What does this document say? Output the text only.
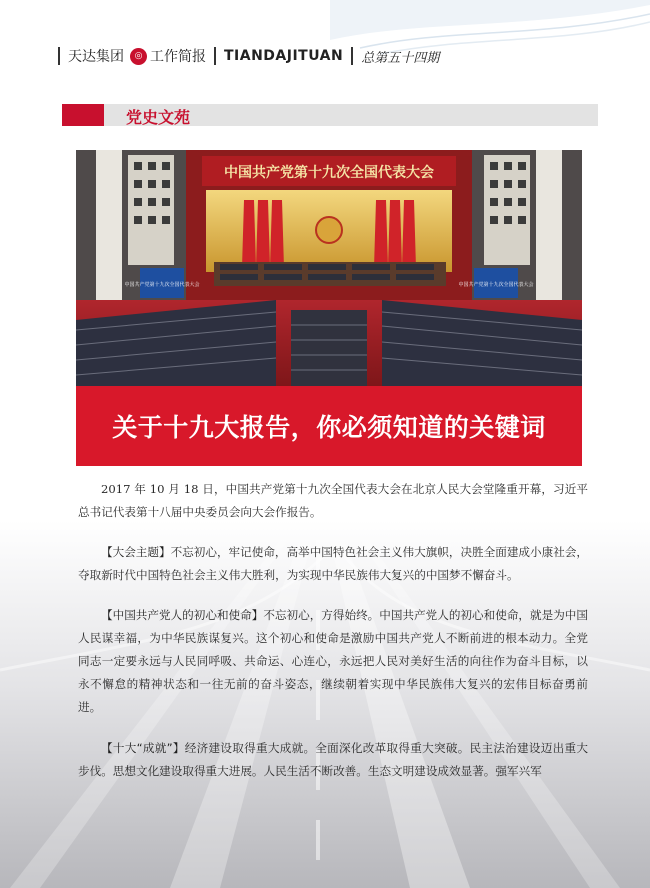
天达集团	◎ 工作简报 TIANDAJITUAN 总第五十四期
党史文苑
中国共产党第十九次全国代表大会
中国共产党第十九次全国代表大会	中国共产党第十九次全国代表大会
关于十九大报告，你必须知道的关键词
2017 年 10 月 18 日，中国共产党第十九次全国代表大会在北京人民大会堂隆重开幕，习近平总书记代表第十八届中央委员会向大会作报告。
【大会主题】不忘初心，牢记使命，高举中国特色社会主义伟大旗帜，决胜全面建成小康社会，夺取新时代中国特色社会主义伟大胜利，为实现中华民族伟大复兴的中国梦不懈奋斗。
【中国共产党人的初心和使命】不忘初心，方得始终。中国共产党人的初心和使命，就是为中国人民谋幸福，为中华民族谋复兴。这个初心和使命是激励中国共产党人不断前进的根本动力。全党同志一定要永远与人民同呼吸、共命运、心连心，永远把人民对美好生活的向往作为奋斗目标，以永不懈怠的精神状态和一往无前的奋斗姿态，继续朝着实现中华民族伟大复兴的宏伟目标奋勇前进。
【十大“成就”】经济建设取得重大成就。全面深化改革取得重大突破。民主法治建设迈出重大步伐。思想文化建设取得重大进展。人民生活不断改善。生态文明建设成效显著。强军兴军
